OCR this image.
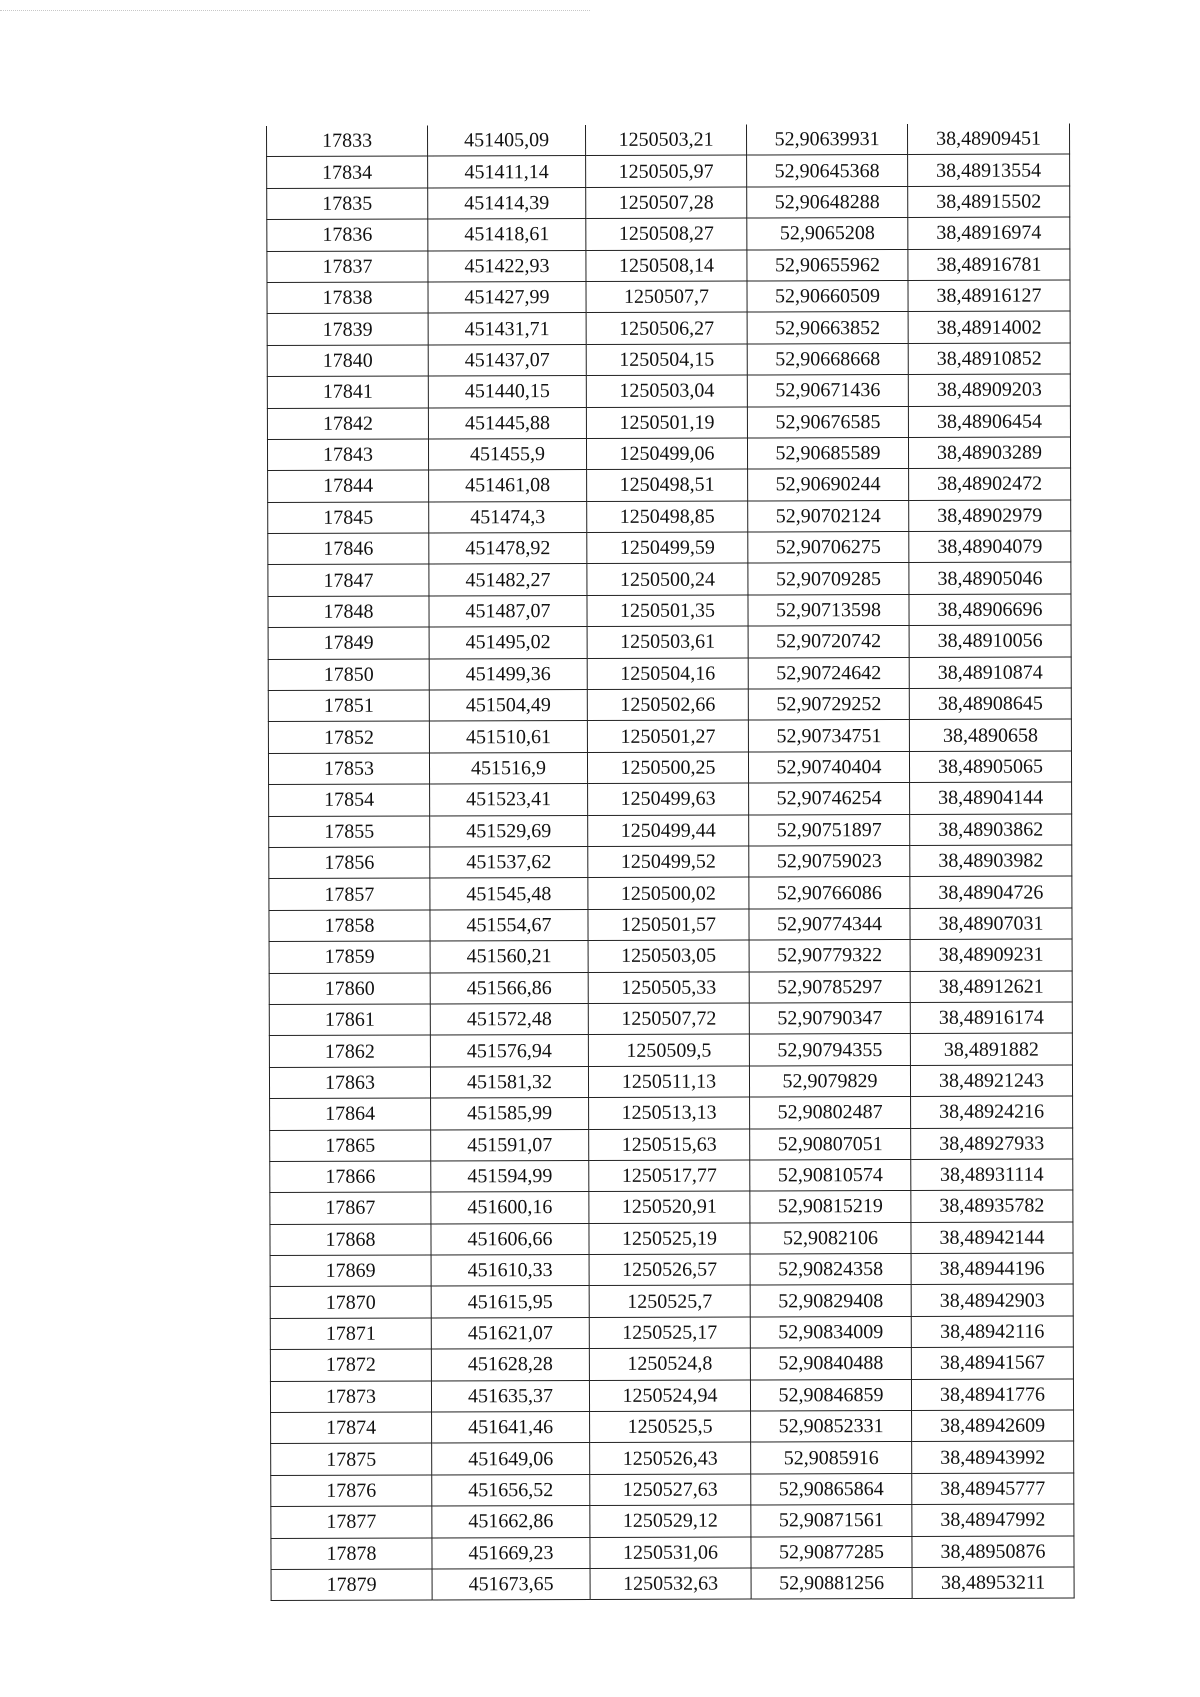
17833	451405,09	1250503,21	52,90639931	38,48909451
17834	451411,14	1250505,97	52,90645368	38,48913554
17835	451414,39	1250507,28	52,90648288	38,48915502
17836	451418,61	1250508,27	52,9065208	38,48916974
17837	451422,93	1250508,14	52,90655962	38,48916781
17838	451427,99	1250507,7	52,90660509	38,48916127
17839	451431,71	1250506,27	52,90663852	38,48914002
17840	451437,07	1250504,15	52,90668668	38,48910852
17841	451440,15	1250503,04	52,90671436	38,48909203
17842	451445,88	1250501,19	52,90676585	38,48906454
17843	451455,9	1250499,06	52,90685589	38,48903289
17844	451461,08	1250498,51	52,90690244	38,48902472
17845	451474,3	1250498,85	52,90702124	38,48902979
17846	451478,92	1250499,59	52,90706275	38,48904079
17847	451482,27	1250500,24	52,90709285	38,48905046
17848	451487,07	1250501,35	52,90713598	38,48906696
17849	451495,02	1250503,61	52,90720742	38,48910056
17850	451499,36	1250504,16	52,90724642	38,48910874
17851	451504,49	1250502,66	52,90729252	38,48908645
17852	451510,61	1250501,27	52,90734751	38,4890658
17853	451516,9	1250500,25	52,90740404	38,48905065
17854	451523,41	1250499,63	52,90746254	38,48904144
17855	451529,69	1250499,44	52,90751897	38,48903862
17856	451537,62	1250499,52	52,90759023	38,48903982
17857	451545,48	1250500,02	52,90766086	38,48904726
17858	451554,67	1250501,57	52,90774344	38,48907031
17859	451560,21	1250503,05	52,90779322	38,48909231
17860	451566,86	1250505,33	52,90785297	38,48912621
17861	451572,48	1250507,72	52,90790347	38,48916174
17862	451576,94	1250509,5	52,90794355	38,4891882
17863	451581,32	1250511,13	52,9079829	38,48921243
17864	451585,99	1250513,13	52,90802487	38,48924216
17865	451591,07	1250515,63	52,90807051	38,48927933
17866	451594,99	1250517,77	52,90810574	38,48931114
17867	451600,16	1250520,91	52,90815219	38,48935782
17868	451606,66	1250525,19	52,9082106	38,48942144
17869	451610,33	1250526,57	52,90824358	38,48944196
17870	451615,95	1250525,7	52,90829408	38,48942903
17871	451621,07	1250525,17	52,90834009	38,48942116
17872	451628,28	1250524,8	52,90840488	38,48941567
17873	451635,37	1250524,94	52,90846859	38,48941776
17874	451641,46	1250525,5	52,90852331	38,48942609
17875	451649,06	1250526,43	52,9085916	38,48943992
17876	451656,52	1250527,63	52,90865864	38,48945777
17877	451662,86	1250529,12	52,90871561	38,48947992
17878	451669,23	1250531,06	52,90877285	38,48950876
17879	451673,65	1250532,63	52,90881256	38,48953211
